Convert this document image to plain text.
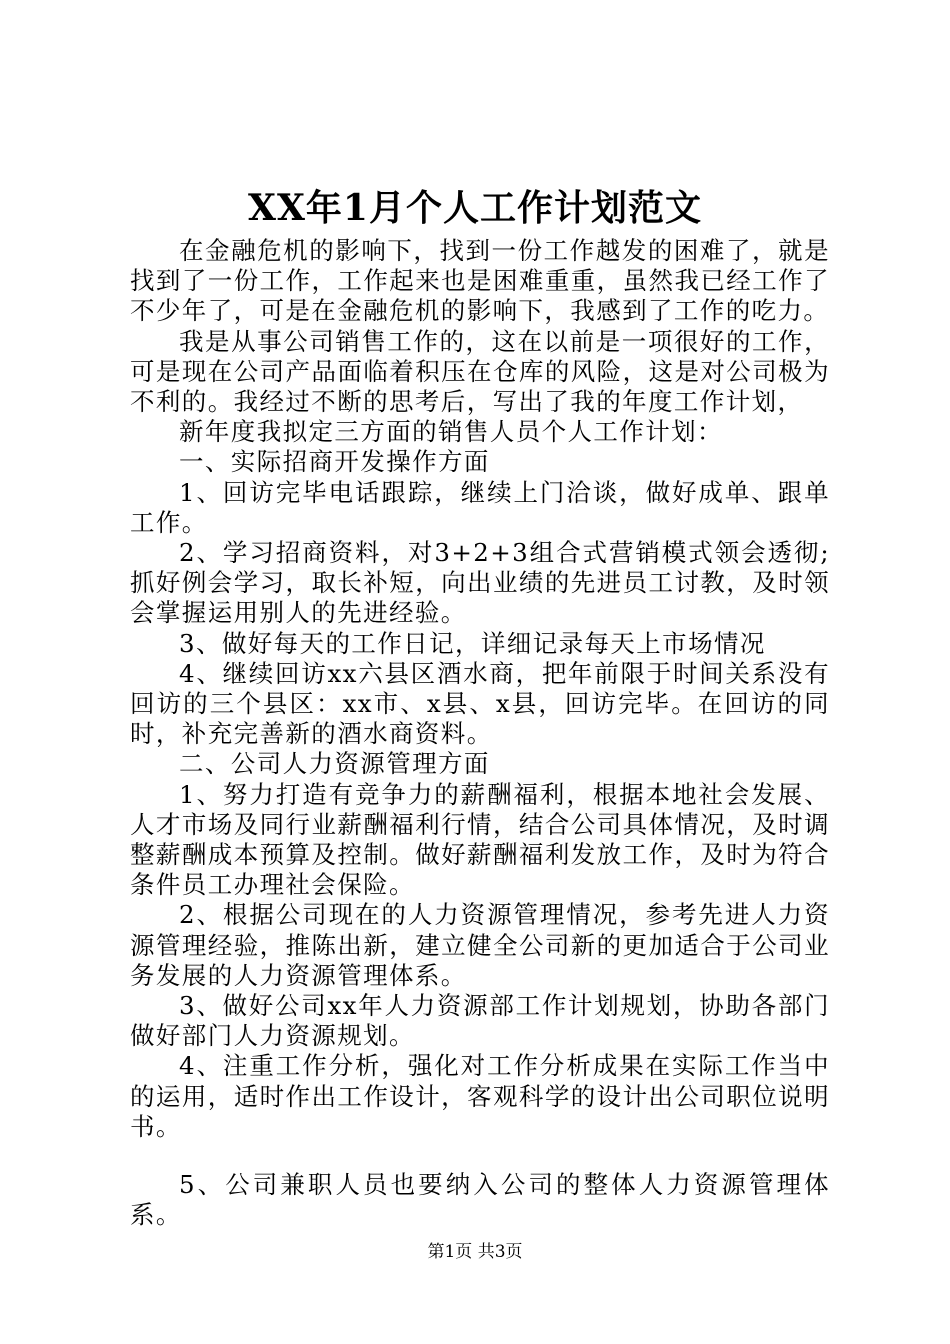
XX年1月个人工作计划范文

在金融危机的影响下，找到一份工作越发的困难了，就是找到了一份工作，工作起来也是困难重重，虽然我已经工作了不少年了，可是在金融危机的影响下，我感到了工作的吃力。

我是从事公司销售工作的，这在以前是一项很好的工作，可是现在公司产品面临着积压在仓库的风险，这是对公司极为不利的。我经过不断的思考后，写出了我的年度工作计划，

新年度我拟定三方面的销售人员个人工作计划：

一、实际招商开发操作方面

1、回访完毕电话跟踪，继续上门洽谈，做好成单、跟单工作。

2、学习招商资料，对3+2+3组合式营销模式领会透彻;抓好例会学习，取长补短，向出业绩的先进员工讨教，及时领会掌握运用别人的先进经验。

3、做好每天的工作日记，详细记录每天上市场情况

4、继续回访xx六县区酒水商，把年前限于时间关系没有回访的三个县区：xx市、x县、x县，回访完毕。在回访的同时，补充完善新的酒水商资料。

二、公司人力资源管理方面

1、努力打造有竞争力的薪酬福利，根据本地社会发展、人才市场及同行业薪酬福利行情，结合公司具体情况，及时调整薪酬成本预算及控制。做好薪酬福利发放工作，及时为符合条件员工办理社会保险。

2、根据公司现在的人力资源管理情况，参考先进人力资源管理经验，推陈出新，建立健全公司新的更加适合于公司业务发展的人力资源管理体系。

3、做好公司xx年人力资源部工作计划规划，协助各部门做好部门人力资源规划。

4、注重工作分析，强化对工作分析成果在实际工作当中的运用，适时作出工作设计，客观科学的设计出公司职位说明书。

5、公司兼职人员也要纳入公司的整体人力资源管理体系。

第1页 共3页
